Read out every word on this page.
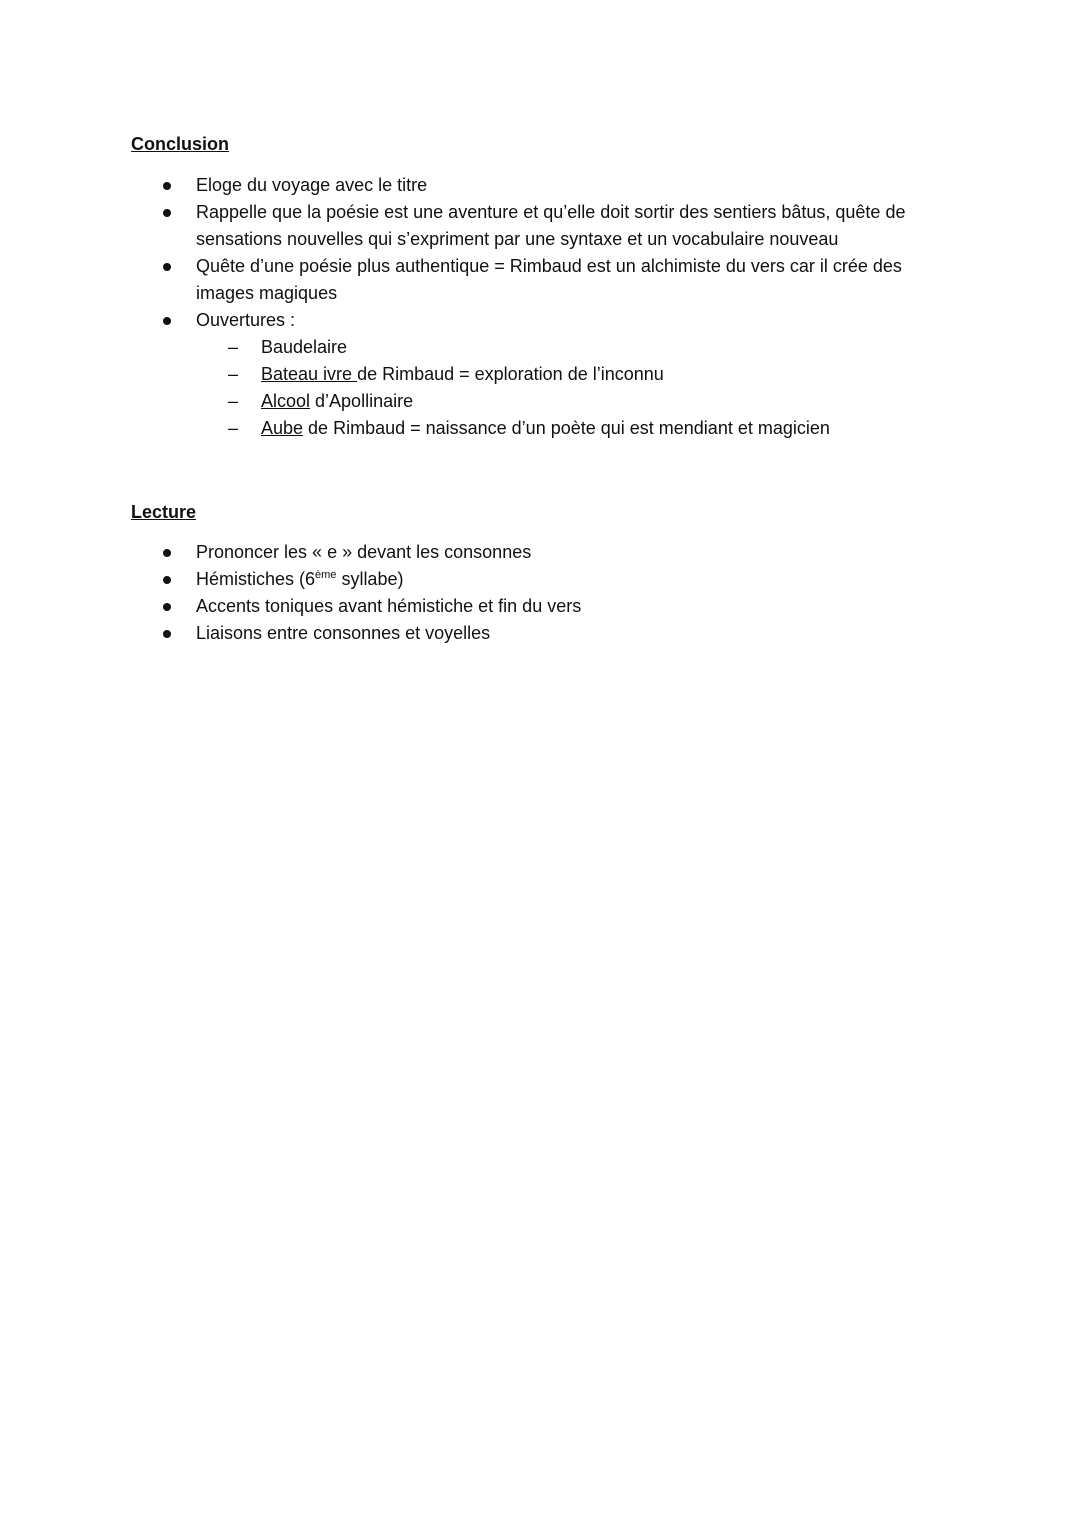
Conclusion
Eloge du voyage avec le titre
Rappelle que la poésie est une aventure et qu’elle doit sortir des sentiers bâtus, quête de sensations nouvelles qui s’expriment par une syntaxe et un vocabulaire nouveau
Quête d’une poésie plus authentique = Rimbaud est un alchimiste du vers car il crée des images magiques
Ouvertures :
– Baudelaire
– Bateau ivre de Rimbaud = exploration de l’inconnu
– Alcool d’Apollinaire
– Aube de Rimbaud = naissance d’un poète qui est mendiant et magicien
Lecture
Prononcer les « e » devant les consonnes
Hémistiches (6ème syllabe)
Accents toniques avant hémistiche et fin du vers
Liaisons entre consonnes et voyelles
